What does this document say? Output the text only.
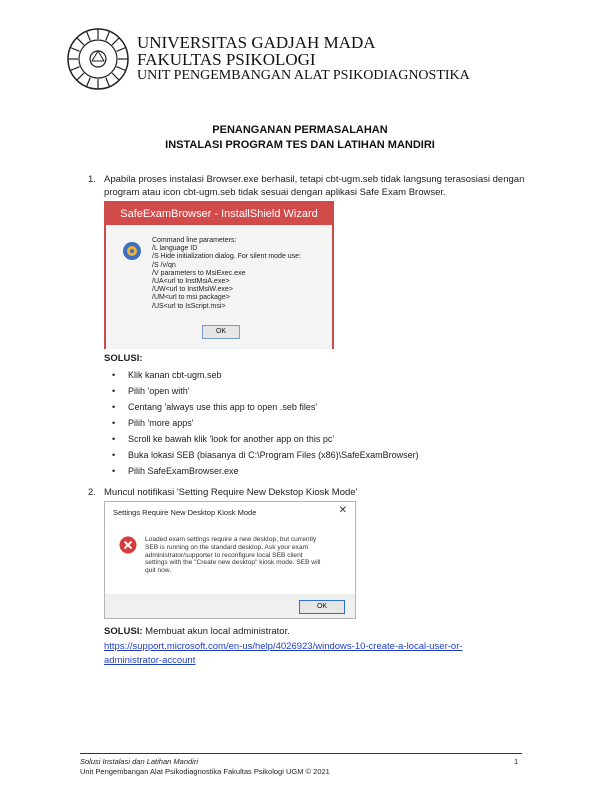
UNIVERSITAS GADJAH MADA
FAKULTAS PSIKOLOGI
UNIT PENGEMBANGAN ALAT PSIKODIAGNOSTIKA
PENANGANAN PERMASALAHAN
INSTALASI PROGRAM TES DAN LATIHAN MANDIRI
1. Apabila proses instalasi Browser.exe berhasil, tetapi cbt-ugm.seb tidak langsung terasosiasi dengan
program atau icon cbt-ugm.seb tidak sesuai dengan aplikasi Safe Exam Browser.
SafeExamBrowser - InstallShield Wizard
Command line parameters:
/L language ID
/S Hide initialization dialog. For silent mode use:
/S /v/qn
/V parameters to MsiExec.exe
/UA<url to InstMsiA.exe>
/UW<url to InstMsiW.exe>
/UM<url to msi package>
/US<url to IsScript.msi>
OK
SOLUSI:
• Klik kanan cbt-ugm.seb
• Pilih 'open with'
• Centang 'always use this app to open .seb files'
• Pilih 'more apps'
• Scroll ke bawah klik 'look for another app on this pc'
• Buka lokasi SEB (biasanya di C:\Program Files (x86)\SafeExamBrowser)
• Pilih SafeExamBrowser.exe
2. Muncul notifikasi 'Setting Require New Dekstop Kiosk Mode'
Settings Require New Desktop Kiosk Mode	✕
Loaded exam settings require a new desktop, but currently
SEB is running on the standard desktop. Ask your exam
administrator/supporter to reconfigure local SEB client
settings with the "Create new desktop" kiosk mode. SEB will
quit now.
OK
SOLUSI: Membuat akun local administrator.
https://support.microsoft.com/en-us/help/4026923/windows-10-create-a-local-user-or-
administrator-account
Solusi Instalasi dan Latihan Mandiri
Unit Pengembangan Alat Psikodiagnostika Fakultas Psikologi UGM © 2021
1
